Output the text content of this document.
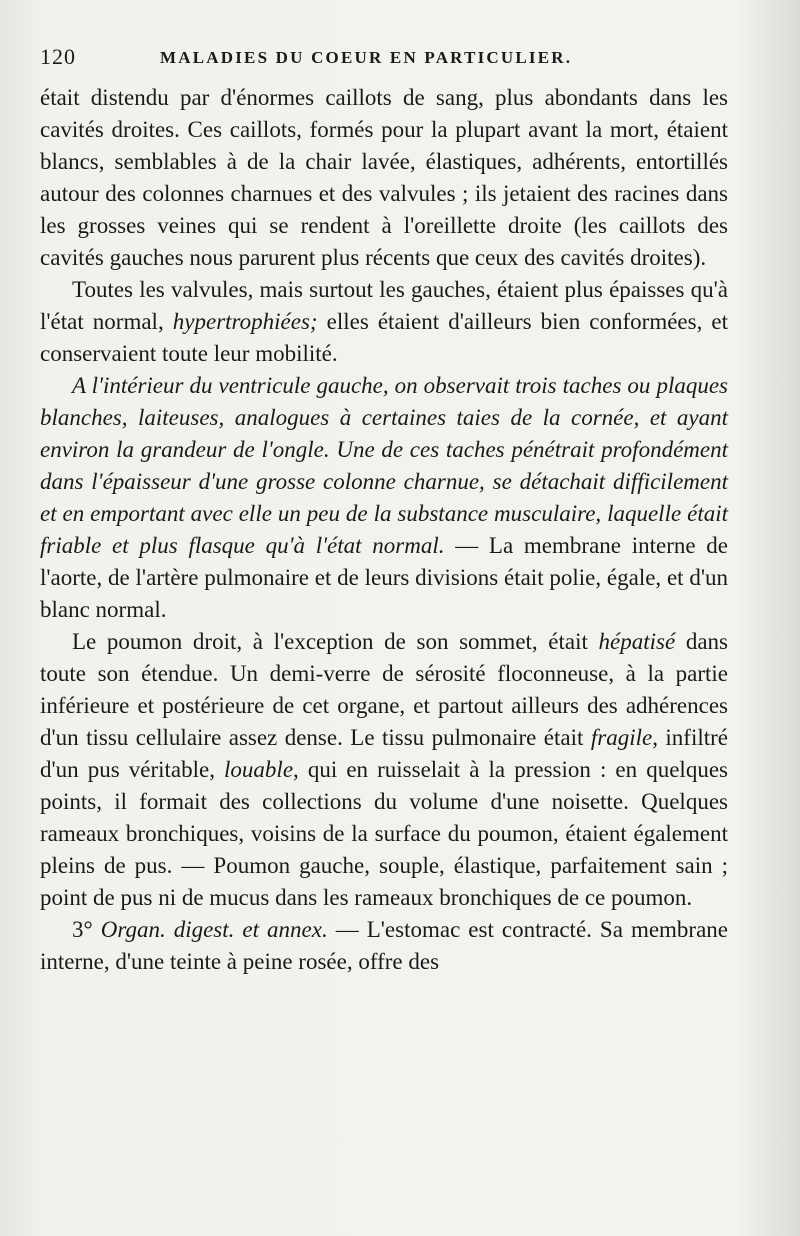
120	MALADIES DU COEUR EN PARTICULIER.

était distendu par d'énormes caillots de sang, plus abondants dans les cavités droites. Ces caillots, formés pour la plupart avant la mort, étaient blancs, semblables à de la chair lavée, élastiques, adhérents, entortillés autour des colonnes charnues et des valvules ; ils jetaient des racines dans les grosses veines qui se rendent à l'oreillette droite (les caillots des cavités gauches nous parurent plus récents que ceux des cavités droites).

Toutes les valvules, mais surtout les gauches, étaient plus épaisses qu'à l'état normal, hypertrophiées; elles étaient d'ailleurs bien conformées, et conservaient toute leur mobilité.

A l'intérieur du ventricule gauche, on observait trois taches ou plaques blanches, laiteuses, analogues à certaines taies de la cornée, et ayant environ la grandeur de l'ongle. Une de ces taches pénétrait profondément dans l'épaisseur d'une grosse colonne charnue, se détachait difficilement et en emportant avec elle un peu de la substance musculaire, laquelle était friable et plus flasque qu'à l'état normal. — La membrane interne de l'aorte, de l'artère pulmonaire et de leurs divisions était polie, égale, et d'un blanc normal.

Le poumon droit, à l'exception de son sommet, était hépatisé dans toute son étendue. Un demi-verre de sérosité floconneuse, à la partie inférieure et postérieure de cet organe, et partout ailleurs des adhérences d'un tissu cellulaire assez dense. Le tissu pulmonaire était fragile, infiltré d'un pus véritable, louable, qui en ruisselait à la pression : en quelques points, il formait des collections du volume d'une noisette. Quelques rameaux bronchiques, voisins de la surface du poumon, étaient également pleins de pus. — Poumon gauche, souple, élastique, parfaitement sain ; point de pus ni de mucus dans les rameaux bronchiques de ce poumon.

3° Organ. digest. et annex. — L'estomac est contracté. Sa membrane interne, d'une teinte à peine rosée, offre des
